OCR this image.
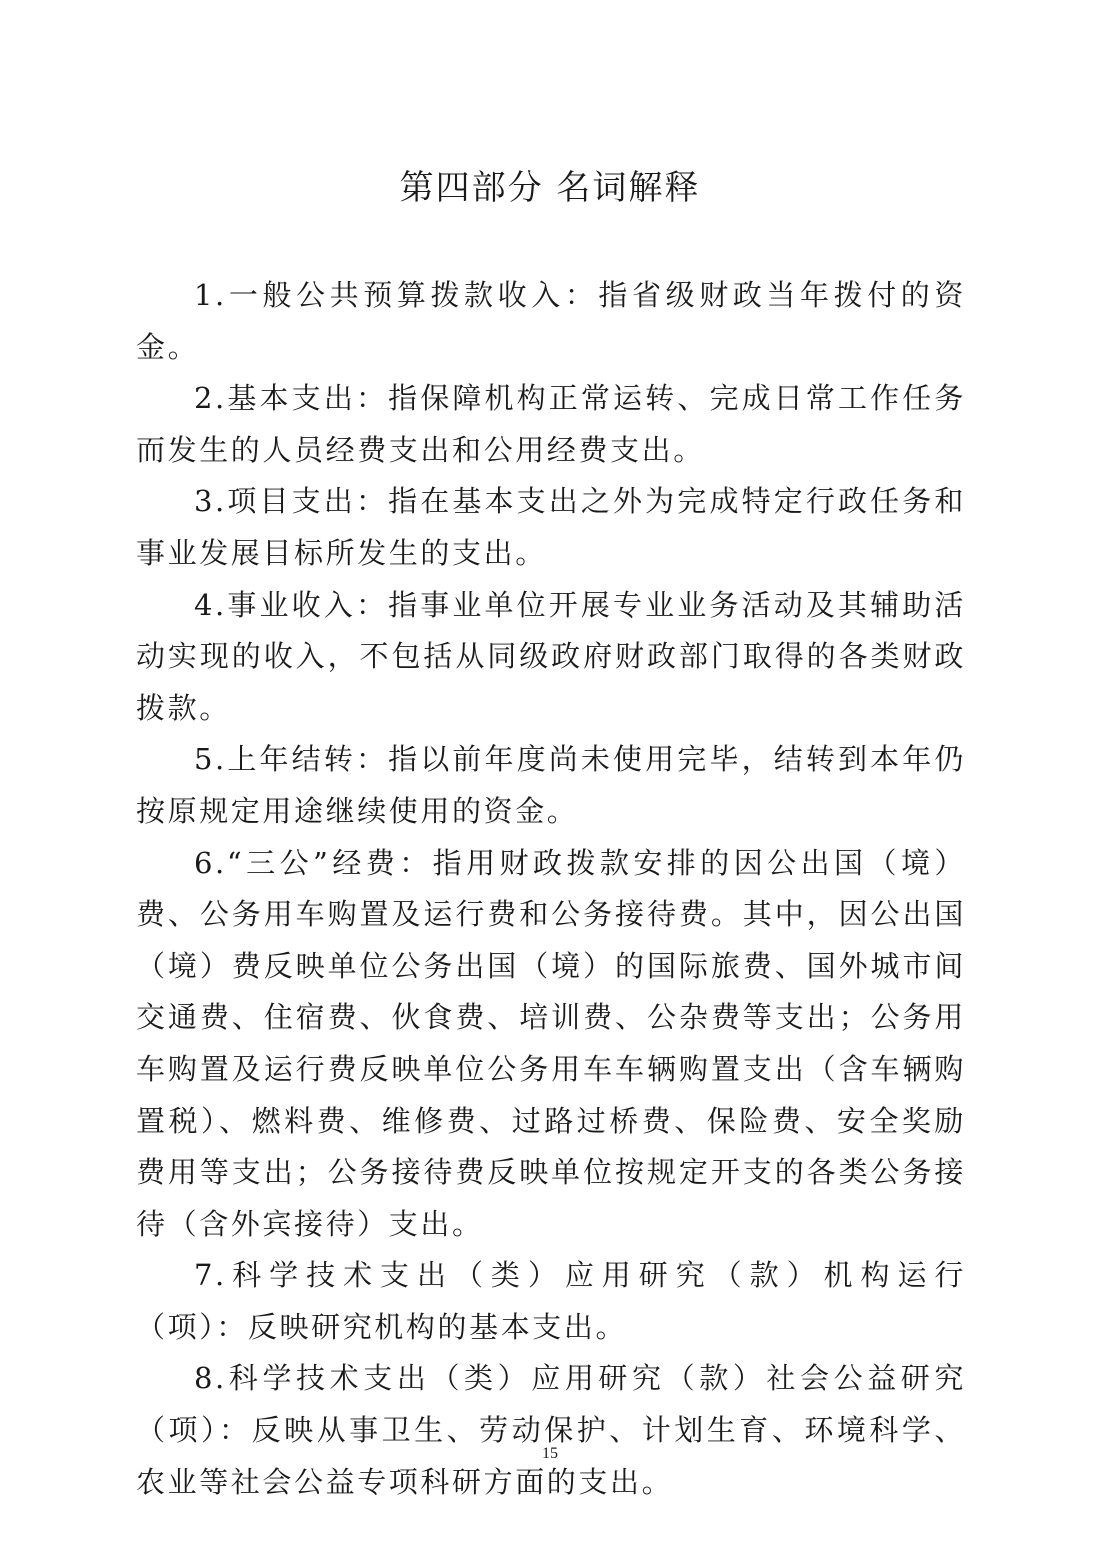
第四部分 名词解释

1.一般公共预算拨款收入：指省级财政当年拨付的资金。

2.基本支出：指保障机构正常运转、完成日常工作任务而发生的人员经费支出和公用经费支出。

3.项目支出：指在基本支出之外为完成特定行政任务和事业发展目标所发生的支出。

4.事业收入：指事业单位开展专业业务活动及其辅助活动实现的收入，不包括从同级政府财政部门取得的各类财政拨款。

5.上年结转：指以前年度尚未使用完毕，结转到本年仍按原规定用途继续使用的资金。

6.“三公”经费：指用财政拨款安排的因公出国（境）费、公务用车购置及运行费和公务接待费。其中，因公出国（境）费反映单位公务出国（境）的国际旅费、国外城市间交通费、住宿费、伙食费、培训费、公杂费等支出；公务用车购置及运行费反映单位公务用车车辆购置支出（含车辆购置税）、燃料费、维修费、过路过桥费、保险费、安全奖励费用等支出；公务接待费反映单位按规定开支的各类公务接待（含外宾接待）支出。

7.科学技术支出（类）应用研究（款）机构运行（项）：反映研究机构的基本支出。

8.科学技术支出（类）应用研究（款）社会公益研究（项）：反映从事卫生、劳动保护、计划生育、环境科学、农业等社会公益专项科研方面的支出。

15
